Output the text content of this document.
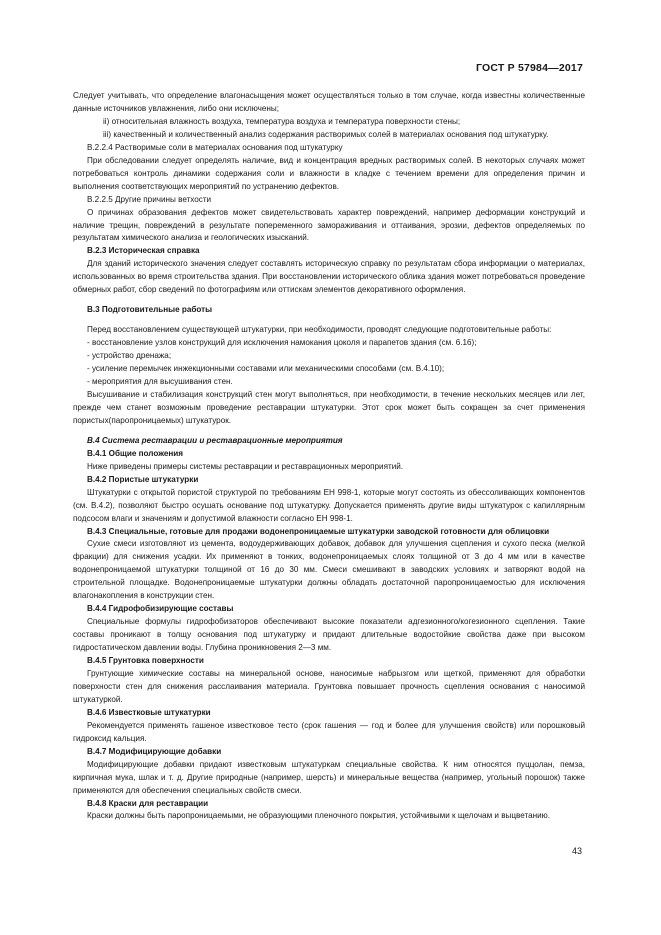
ГОСТ Р 57984—2017

Следует учитывать, что определение влагонасыщения может осуществляться только в том случае, когда известны количественные данные источников увлажнения, либо они исключены;

ii) относительная влажность воздуха, температура воздуха и температура поверхности стены;

iii) качественный и количественный анализ содержания растворимых солей в материалах основания под штукатурку.

В.2.2.4 Растворимые соли в материалах основания под штукатурку

При обследовании следует определять наличие, вид и концентрация вредных растворимых солей. В некоторых случаях может потребоваться контроль динамики содержания соли и влажности в кладке с течением времени для определения причин и выполнения соответствующих мероприятий по устранению дефектов.

В.2.2.5 Другие причины ветхости

О причинах образования дефектов может свидетельствовать характер повреждений, например деформации конструкций и наличие трещин, повреждений в результате попеременного замораживания и оттаивания, эрозии, дефектов определяемых по результатам химического анализа и геологических изысканий.

В.2.3 Историческая справка

Для зданий исторического значения следует составлять историческую справку по результатам сбора информации о материалах, использованных во время строительства здания. При восстановлении исторического облика здания может потребоваться проведение обмерных работ, сбор сведений по фотографиям или оттискам элементов декоративного оформления.

В.3 Подготовительные работы

Перед восстановлением существующей штукатурки, при необходимости, проводят следующие подготовительные работы:

- восстановление узлов конструкций для исключения намокания цоколя и парапетов здания (см. 6.16);

- устройство дренажа;

- усиление перемычек инжекционными составами или механическими способами (см. В.4.10);

- мероприятия для высушивания стен.

Высушивание и стабилизация конструкций стен могут выполняться, при необходимости, в течение нескольких месяцев или лет, прежде чем станет возможным проведение реставрации штукатурки. Этот срок может быть сокращен за счет применения пористых(паропроницаемых) штукатурок.

В.4 Система реставрации и реставрационные мероприятия

В.4.1 Общие положения

Ниже приведены примеры системы реставрации и реставрационных мероприятий.

В.4.2 Пористые штукатурки

Штукатурки с открытой пористой структурой по требованиям ЕН 998-1, которые могут состоять из обессоливающих компонентов (см. В.4.2), позволяют быстро осушать основание под штукатурку. Допускается применять другие виды штукатурок с капиллярным подсосом влаги и значениям и допустимой влажности согласно ЕН 998-1.

В.4.3 Специальные, готовые для продажи водонепроницаемые штукатурки заводской готовности для облицовки

Сухие смеси изготовляют из цемента, водоудерживающих добавок, добавок для улучшения сцепления и сухого песка (мелкой фракции) для снижения усадки. Их применяют в тонких, водонепроницаемых слоях толщиной от 3 до 4 мм или в качестве водонепроницаемой штукатурки толщиной от 16 до 30 мм. Смеси смешивают в заводских условиях и затворяют водой на строительной площадке. Водонепроницаемые штукатурки должны обладать достаточной паропроницаемостью для исключения влагонакопления в конструкции стен.

В.4.4 Гидрофобизирующие составы

Специальные формулы гидрофобизаторов обеспечивают высокие показатели адгезионного/когезионного сцепления. Такие составы проникают в толщу основания под штукатурку и придают длительные водостойкие свойства даже при высоком гидростатическом давлении воды. Глубина проникновения 2—3 мм.

В.4.5 Грунтовка поверхности

Грунтующие химические составы на минеральной основе, наносимые набрызгом или щеткой, применяют для обработки поверхности стен для снижения расслаивания материала. Грунтовка повышает прочность сцепления основания с наносимой штукатуркой.

В.4.6 Известковые штукатурки

Рекомендуется применять гашеное известковое тесто (срок гашения — год и более для улучшения свойств) или порошковый гидроксид кальция.

В.4.7 Модифицирующие добавки

Модифицирующие добавки придают известковым штукатуркам специальные свойства. К ним относятся пуццолан, пемза, кирпичная мука, шлак и т. д. Другие природные (например, шерсть) и минеральные вещества (например, угольный порошок) также применяются для обеспечения специальных свойств смеси.

В.4.8 Краски для реставрации

Краски должны быть паропроницаемыми, не образующими пленочного покрытия, устойчивыми к щелочам и выцветанию.

43
